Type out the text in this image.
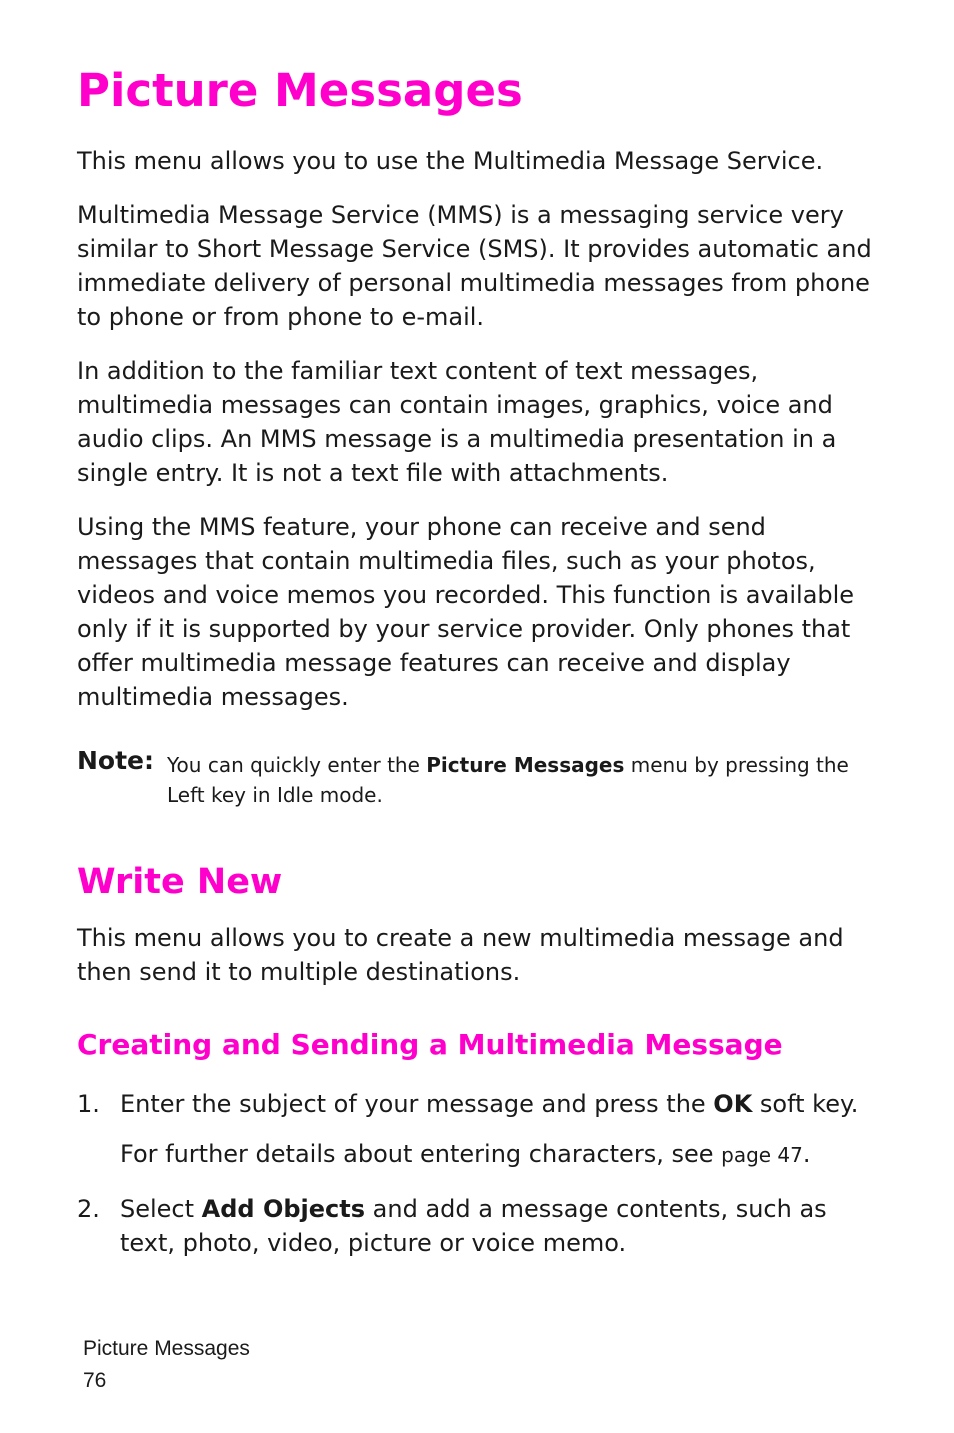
Picture Messages

This menu allows you to use the Multimedia Message Service.

Multimedia Message Service (MMS) is a messaging service very similar to Short Message Service (SMS). It provides automatic and immediate delivery of personal multimedia messages from phone to phone or from phone to e-mail.

In addition to the familiar text content of text messages, multimedia messages can contain images, graphics, voice and audio clips. An MMS message is a multimedia presentation in a single entry. It is not a text file with attachments.

Using the MMS feature, your phone can receive and send messages that contain multimedia files, such as your photos, videos and voice memos you recorded. This function is available only if it is supported by your service provider. Only phones that offer multimedia message features can receive and display multimedia messages.

Note: You can quickly enter the Picture Messages menu by pressing the Left key in Idle mode.
Write New

This menu allows you to create a new multimedia message and then send it to multiple destinations.

Creating and Sending a Multimedia Message
1. Enter the subject of your message and press the OK soft key.
For further details about entering characters, see page 47.
2. Select Add Objects and add a message contents, such as text, photo, video, picture or voice memo.
Picture Messages
76
